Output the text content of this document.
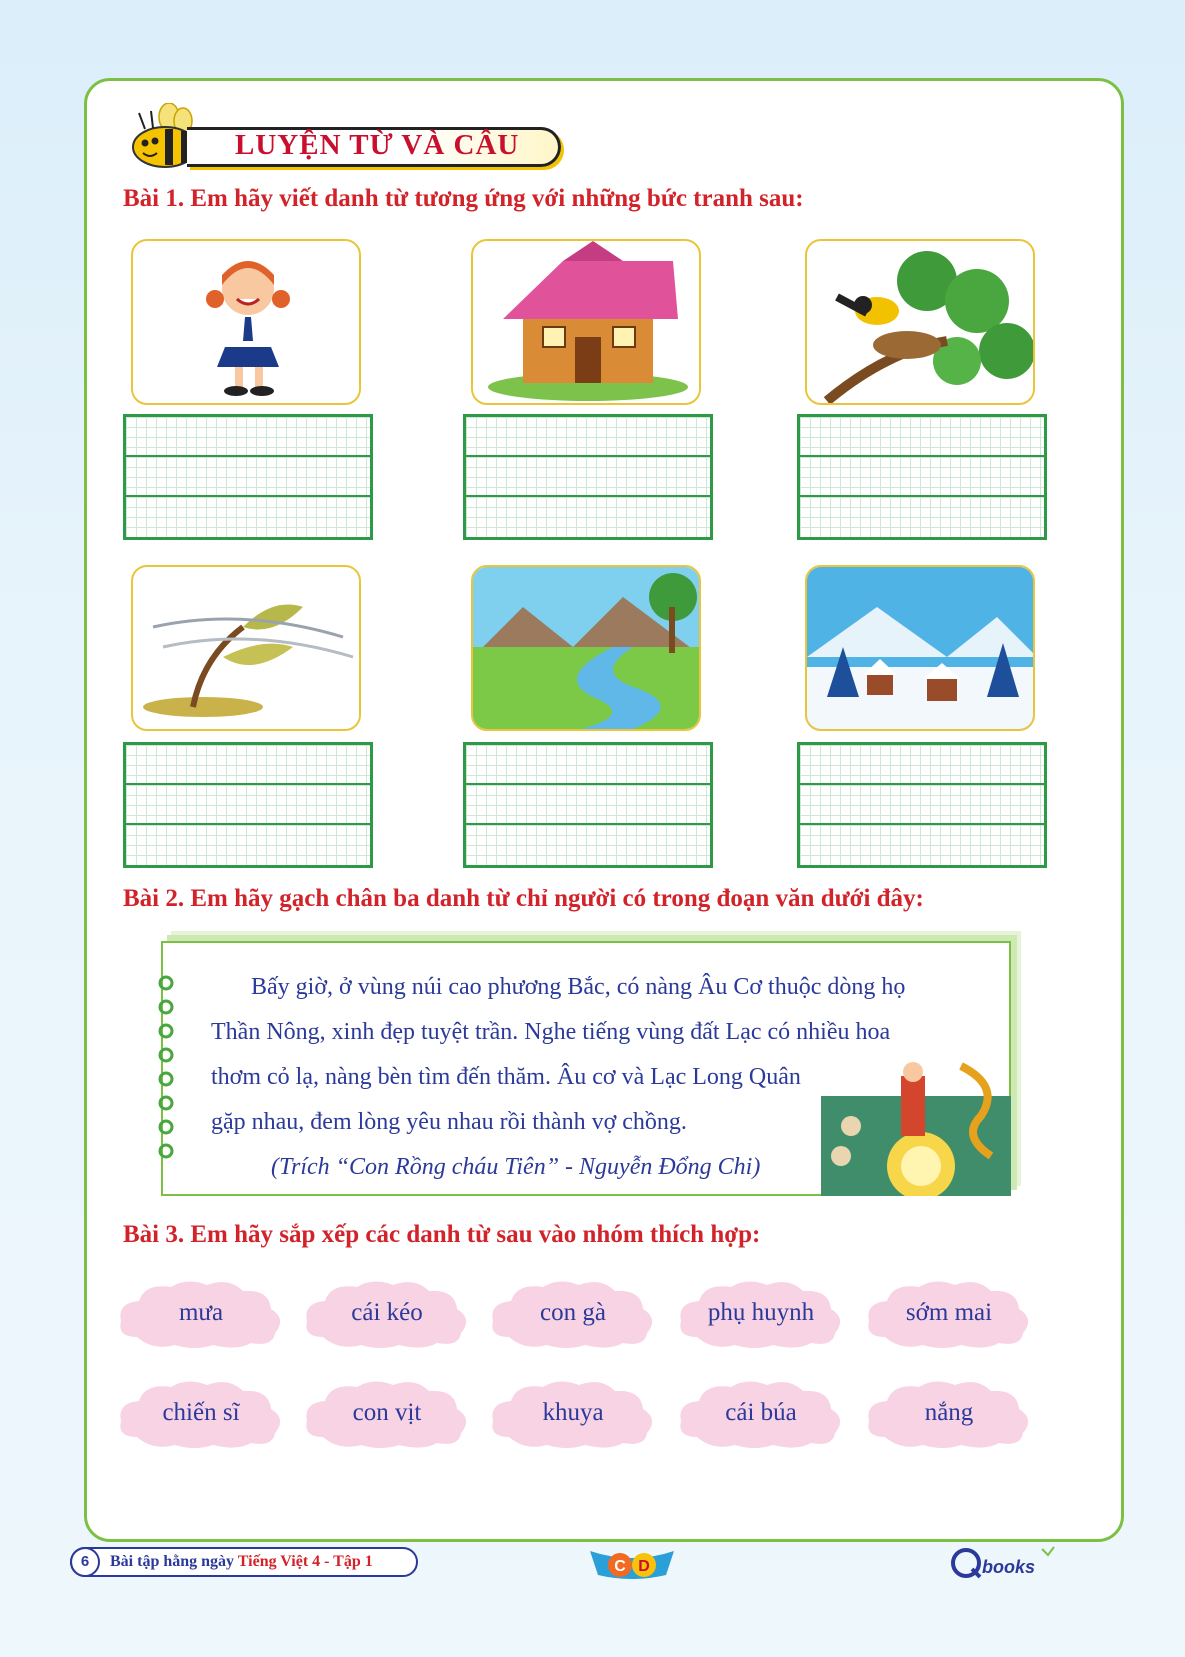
LUYỆN TỪ VÀ CÂU
Bài 1. Em hãy viết danh từ tương ứng với những bức tranh sau:
Bài 2. Em hãy gạch chân ba danh từ chỉ người có trong đoạn văn dưới đây:
Bấy giờ, ở vùng núi cao phương Bắc, có nàng Âu Cơ thuộc dòng họ
Thần Nông, xinh đẹp tuyệt trần. Nghe tiếng vùng đất Lạc có nhiều hoa
thơm cỏ lạ, nàng bèn tìm đến thăm. Âu cơ và Lạc Long Quân
gặp nhau, đem lòng yêu nhau rồi thành vợ chồng.
(Trích “Con Rồng cháu Tiên” - Nguyễn Đổng Chi)
Bài 3. Em hãy sắp xếp các danh từ sau vào nhóm thích hợp:
mưa	cái kéo	con gà	phụ huynh	sớm mai
chiến sĩ	con vịt	khuya	cái búa	nắng
6	Bài tập hằng ngày Tiếng Việt 4 - Tập 1	C D	books
